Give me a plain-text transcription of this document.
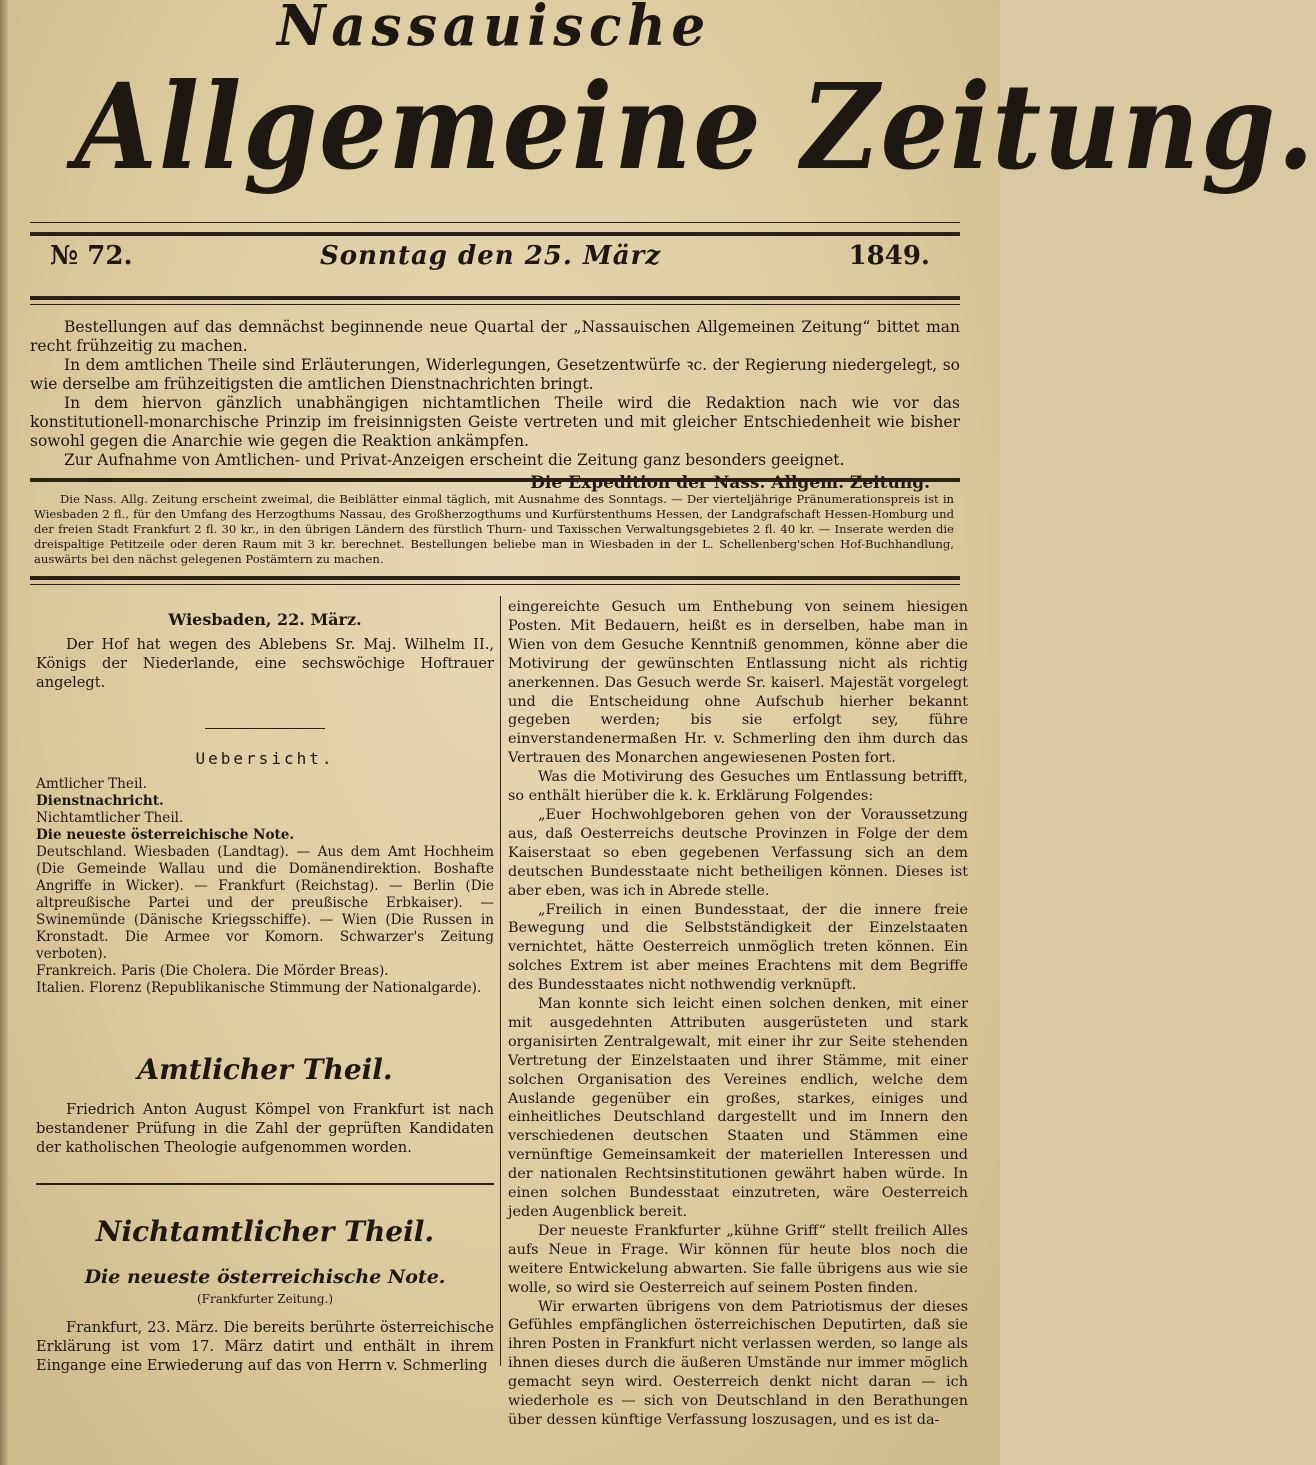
Nassauische
Allgemeine Zeitung.
№ 72.	Sonntag den 25. März	1849.

Bestellungen auf das demnächst beginnende neue Quartal der „Nassauischen Allgemeinen Zeitung“ bittet man recht frühzeitig zu machen.

In dem amtlichen Theile sind Erläuterungen, Widerlegungen, Gesetzentwürfe ꝛc. der Regierung niedergelegt, so wie derselbe am frühzeitigsten die amtlichen Dienstnachrichten bringt.

In dem hiervon gänzlich unabhängigen nichtamtlichen Theile wird die Redaktion nach wie vor das konstitutionell-monarchische Prinzip im freisinnigsten Geiste vertreten und mit gleicher Entschiedenheit wie bisher sowohl gegen die Anarchie wie gegen die Reaktion ankämpfen.

Zur Aufnahme von Amtlichen- und Privat-Anzeigen erscheint die Zeitung ganz besonders geeignet.

Die Expedition der Nass. Allgem. Zeitung.

Die Nass. Allg. Zeitung erscheint zweimal, die Beiblätter einmal täglich, mit Ausnahme des Sonntags. — Der vierteljährige Pränumerationspreis ist in Wiesbaden 2 fl., für den Umfang des Herzogthums Nassau, des Großherzogthums und Kurfürstenthums Hessen, der Landgrafschaft Hessen-Homburg und der freien Stadt Frankfurt 2 fl. 30 kr., in den übrigen Ländern des fürstlich Thurn- und Taxisschen Verwaltungsgebietes 2 fl. 40 kr. — Inserate werden die dreispaltige Petitzeile oder deren Raum mit 3 kr. berechnet. Bestellungen beliebe man in Wiesbaden in der L. Schellenberg'schen Hof-Buchhandlung, auswärts bei den nächst gelegenen Postämtern zu machen.

Wiesbaden, 22. März.

Der Hof hat wegen des Ablebens Sr. Maj. Wilhelm II., Königs der Niederlande, eine sechswöchige Hoftrauer angelegt.

Uebersicht.
Amtlicher Theil.
Dienstnachricht.
Nichtamtlicher Theil.
Die neueste österreichische Note.
Deutschland. Wiesbaden (Landtag). — Aus dem Amt Hochheim (Die Gemeinde Wallau und die Domänendirektion. Boshafte Angriffe in Wicker). — Frankfurt (Reichstag). — Berlin (Die altpreußische Partei und der preußische Erbkaiser). — Swinemünde (Dänische Kriegsschiffe). — Wien (Die Russen in Kronstadt. Die Armee vor Komorn. Schwarzer's Zeitung verboten).
Frankreich. Paris (Die Cholera. Die Mörder Breas).
Italien. Florenz (Republikanische Stimmung der Nationalgarde).
Amtlicher Theil.

Friedrich Anton August Kömpel von Frankfurt ist nach bestandener Prüfung in die Zahl der geprüften Kandidaten der katholischen Theologie aufgenommen worden.

Nichtamtlicher Theil.
Die neueste österreichische Note.
(Frankfurter Zeitung.)

Frankfurt, 23. März. Die bereits berührte österreichische Erklärung ist vom 17. März datirt und enthält in ihrem Eingange eine Erwiederung auf das von Herrn v. Schmerling

eingereichte Gesuch um Enthebung von seinem hiesigen Posten. Mit Bedauern, heißt es in derselben, habe man in Wien von dem Gesuche Kenntniß genommen, könne aber die Motivirung der gewünschten Entlassung nicht als richtig anerkennen. Das Gesuch werde Sr. kaiserl. Majestät vorgelegt und die Entscheidung ohne Aufschub hierher bekannt gegeben werden; bis sie erfolgt sey, führe einverstandenermaßen Hr. v. Schmerling den ihm durch das Vertrauen des Monarchen angewiesenen Posten fort.

Was die Motivirung des Gesuches um Entlassung betrifft, so enthält hierüber die k. k. Erklärung Folgendes:

„Euer Hochwohlgeboren gehen von der Voraussetzung aus, daß Oesterreichs deutsche Provinzen in Folge der dem Kaiserstaat so eben gegebenen Verfassung sich an dem deutschen Bundesstaate nicht betheiligen können. Dieses ist aber eben, was ich in Abrede stelle.

„Freilich in einen Bundesstaat, der die innere freie Bewegung und die Selbstständigkeit der Einzelstaaten vernichtet, hätte Oesterreich unmöglich treten können. Ein solches Extrem ist aber meines Erachtens mit dem Begriffe des Bundesstaates nicht nothwendig verknüpft.

Man konnte sich leicht einen solchen denken, mit einer mit ausgedehnten Attributen ausgerüsteten und stark organisirten Zentralgewalt, mit einer ihr zur Seite stehenden Vertretung der Einzelstaaten und ihrer Stämme, mit einer solchen Organisation des Vereines endlich, welche dem Auslande gegenüber ein großes, starkes, einiges und einheitliches Deutschland dargestellt und im Innern den verschiedenen deutschen Staaten und Stämmen eine vernünftige Gemeinsamkeit der materiellen Interessen und der nationalen Rechtsinstitutionen gewährt haben würde. In einen solchen Bundesstaat einzutreten, wäre Oesterreich jeden Augenblick bereit.

Der neueste Frankfurter „kühne Griff“ stellt freilich Alles aufs Neue in Frage. Wir können für heute blos noch die weitere Entwickelung abwarten. Sie falle übrigens aus wie sie wolle, so wird sie Oesterreich auf seinem Posten finden.

Wir erwarten übrigens von dem Patriotismus der dieses Gefühles empfänglichen österreichischen Deputirten, daß sie ihren Posten in Frankfurt nicht verlassen werden, so lange als ihnen dieses durch die äußeren Umstände nur immer möglich gemacht seyn wird. Oesterreich denkt nicht daran — ich wiederhole es — sich von Deutschland in den Berathungen über dessen künftige Verfassung loszusagen, und es ist da-
